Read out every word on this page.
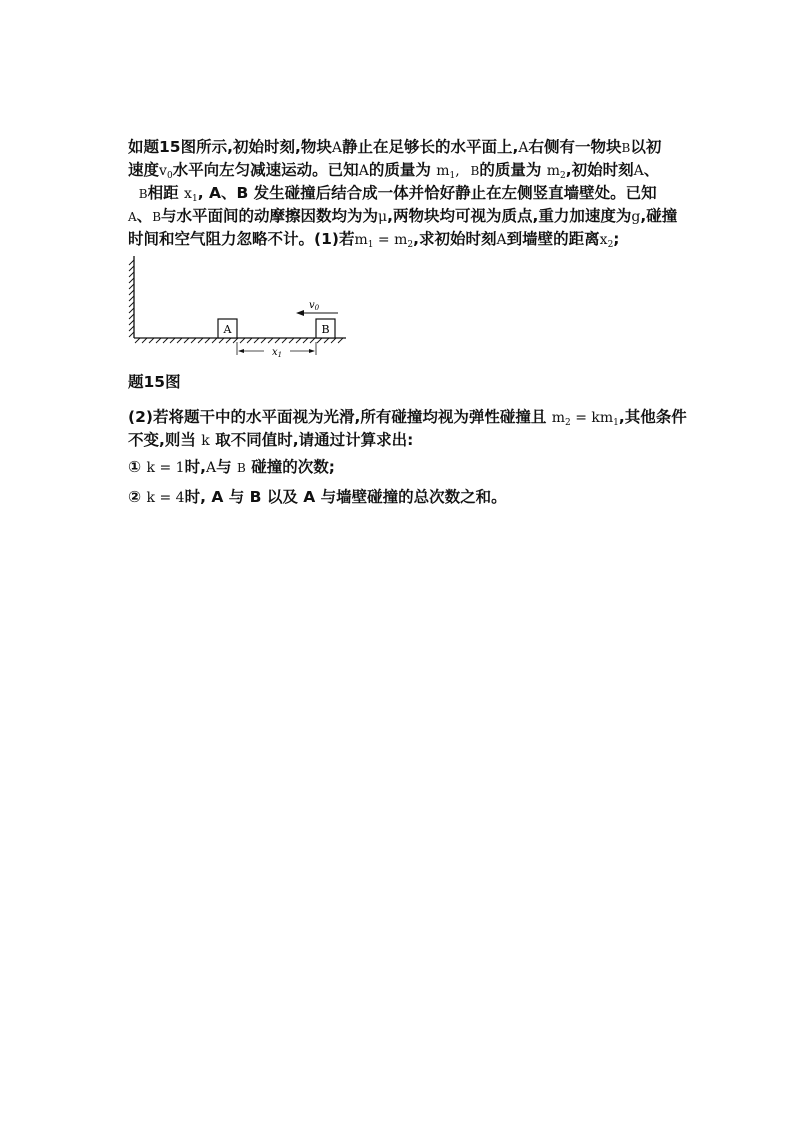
如题15图所示,初始时刻,物块A静止在足够长的水平面上,A右侧有一物块B以初
速度$v_0$水平向左匀减速运动。已知A的质量为 $m_1$, B的质量为 $m_2$,初始时刻A、
B相距 $x_1$, A、B 发生碰撞后结合成一体并恰好静止在左侧竖直墙壁处。已知
A、B与水平面间的动摩擦因数均为为μ,两物块均可视为质点,重力加速度为g,碰撞
时间和空气阻力忽略不计。(1)若$m_1 = m_2$,求初始时刻A到墙壁的距离$x_2$;
A	B
$v_0$
$x_1$
题15图
(2)若将题干中的水平面视为光滑,所有碰撞均视为弹性碰撞且 $m_2 = km_1$,其他条件
不变,则当 k 取不同值时,请通过计算求出:
① k = 1时,A与 B 碰撞的次数;
② k = 4时, A 与 B 以及 A 与墙壁碰撞的总次数之和。
